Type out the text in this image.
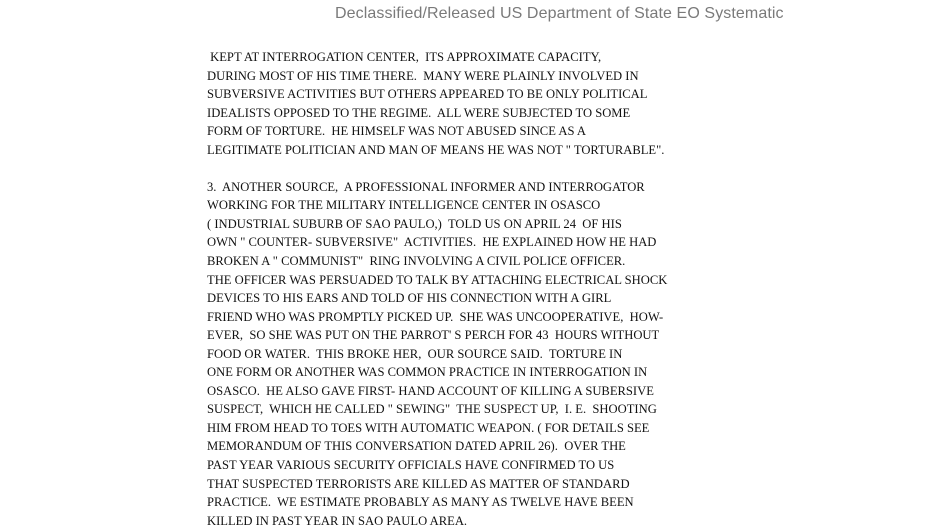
Declassified/Released US Department of State EO Systematic
KEPT AT INTERROGATION CENTER,  ITS APPROXIMATE CAPACITY,
DURING MOST OF HIS TIME THERE.  MANY WERE PLAINLY INVOLVED IN
SUBVERSIVE ACTIVITIES BUT OTHERS APPEARED TO BE ONLY POLITICAL
IDEALISTS OPPOSED TO THE REGIME.  ALL WERE SUBJECTED TO SOME
FORM OF TORTURE.  HE HIMSELF WAS NOT ABUSED SINCE AS A
LEGITIMATE POLITICIAN AND MAN OF MEANS HE WAS NOT " TORTURABLE".
3.  ANOTHER SOURCE,  A PROFESSIONAL INFORMER AND INTERROGATOR
WORKING FOR THE MILITARY INTELLIGENCE CENTER IN OSASCO
( INDUSTRIAL SUBURB OF SAO PAULO,)  TOLD US ON APRIL 24  OF HIS
OWN " COUNTER- SUBVERSIVE"  ACTIVITIES.  HE EXPLAINED HOW HE HAD
BROKEN A " COMMUNIST"  RING INVOLVING A CIVIL POLICE OFFICER.
THE OFFICER WAS PERSUADED TO TALK BY ATTACHING ELECTRICAL SHOCK
DEVICES TO HIS EARS AND TOLD OF HIS CONNECTION WITH A GIRL
FRIEND WHO WAS PROMPTLY PICKED UP.  SHE WAS UNCOOPERATIVE,  HOW-
EVER,  SO SHE WAS PUT ON THE PARROT' S PERCH FOR 43  HOURS WITHOUT
FOOD OR WATER.  THIS BROKE HER,  OUR SOURCE SAID.  TORTURE IN
ONE FORM OR ANOTHER WAS COMMON PRACTICE IN INTERROGATION IN
OSASCO.  HE ALSO GAVE FIRST- HAND ACCOUNT OF KILLING A SUBERSIVE
SUSPECT,  WHICH HE CALLED " SEWING"  THE SUSPECT UP,  I. E.  SHOOTING
HIM FROM HEAD TO TOES WITH AUTOMATIC WEAPON. ( FOR DETAILS SEE
MEMORANDUM OF THIS CONVERSATION DATED APRIL 26).  OVER THE
PAST YEAR VARIOUS SECURITY OFFICIALS HAVE CONFIRMED TO US
THAT SUSPECTED TERRORISTS ARE KILLED AS MATTER OF STANDARD
PRACTICE.  WE ESTIMATE PROBABLY AS MANY AS TWELVE HAVE BEEN
KILLED IN PAST YEAR IN SAO PAULO AREA.
